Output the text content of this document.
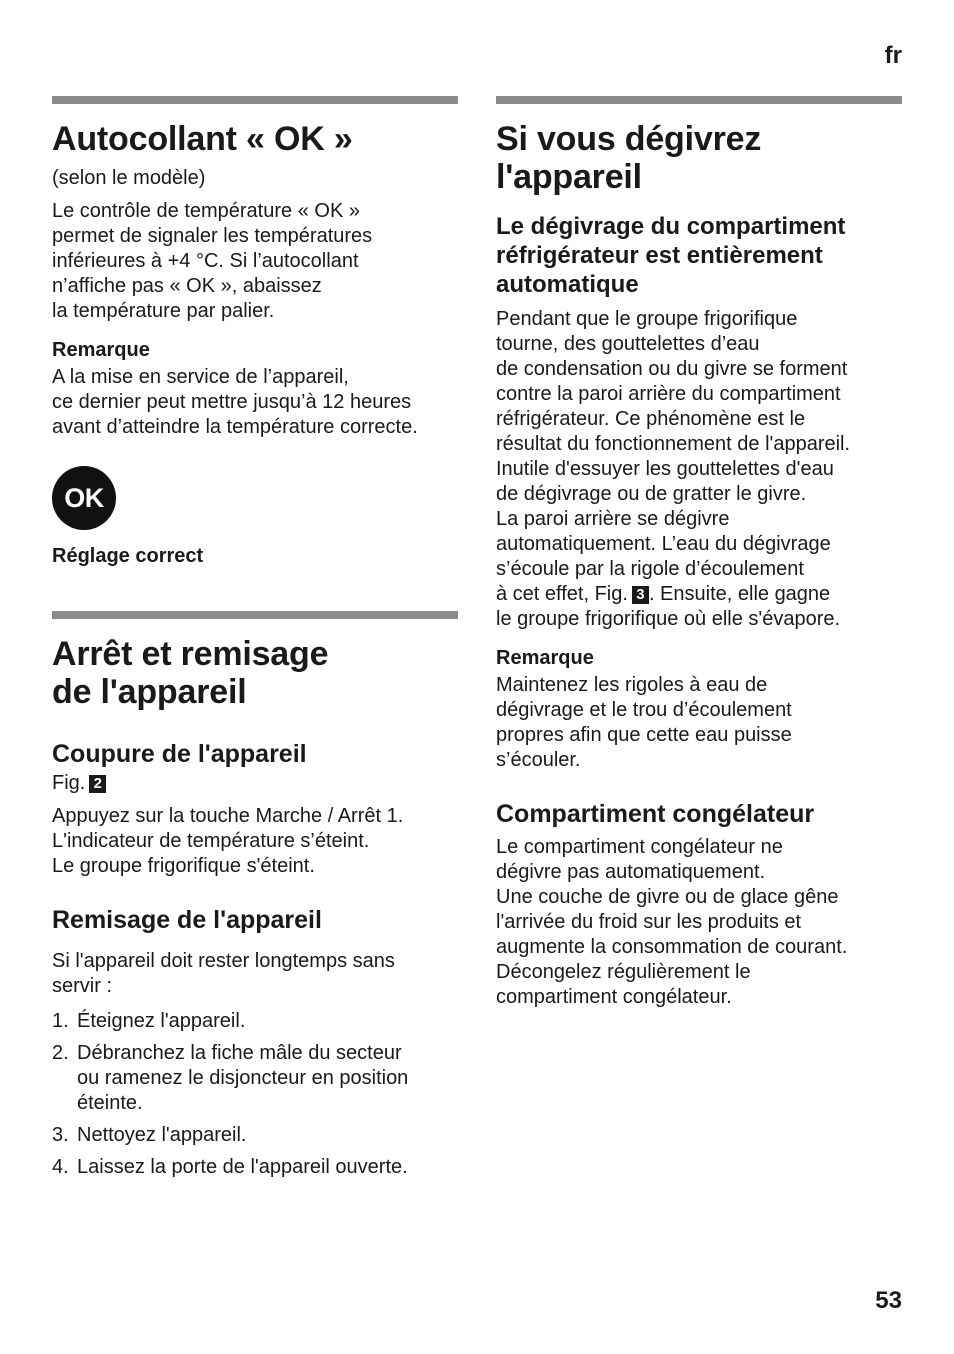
fr
Autocollant « OK »

(selon le modèle)

Le contrôle de température « OK »
permet de signaler les températures
inférieures à +4 °C. Si l’autocollant
n’affiche pas « OK », abaissez
la température par palier.

Remarque

A la mise en service de l’appareil,
ce dernier peut mettre jusqu’à 12 heures
avant d’atteindre la température correcte.

OK
Réglage correct
Arrêt et remisage
de l'appareil
Coupure de l'appareil

Fig. 2

Appuyez sur la touche Marche / Arrêt 1.
L'indicateur de température s’éteint.
Le groupe frigorifique s'éteint.

Remisage de l'appareil

Si l'appareil doit rester longtemps sans
servir :

1. Éteignez l'appareil.
2. Débranchez la fiche mâle du secteur
ou ramenez le disjoncteur en position
éteinte.
3. Nettoyez l'appareil.
4. Laissez la porte de l'appareil ouverte.
Si vous dégivrez
l'appareil
Le dégivrage du compartiment
réfrigérateur est entièrement
automatique

Pendant que le groupe frigorifique
tourne, des gouttelettes d’eau
de condensation ou du givre se forment
contre la paroi arrière du compartiment
réfrigérateur. Ce phénomène est le
résultat du fonctionnement de l'appareil.
Inutile d'essuyer les gouttelettes d'eau
de dégivrage ou de gratter le givre.
La paroi arrière se dégivre
automatiquement. L’eau du dégivrage
s’écoule par la rigole d’écoulement
à cet effet, Fig. 3 . Ensuite, elle gagne
le groupe frigorifique où elle s'évapore.

Remarque

Maintenez les rigoles à eau de
dégivrage et le trou d’écoulement
propres afin que cette eau puisse
s’écouler.

Compartiment congélateur

Le compartiment congélateur ne
dégivre pas automatiquement.
Une couche de givre ou de glace gêne
l'arrivée du froid sur les produits et
augmente la consommation de courant.
Décongelez régulièrement le
compartiment congélateur.

53
